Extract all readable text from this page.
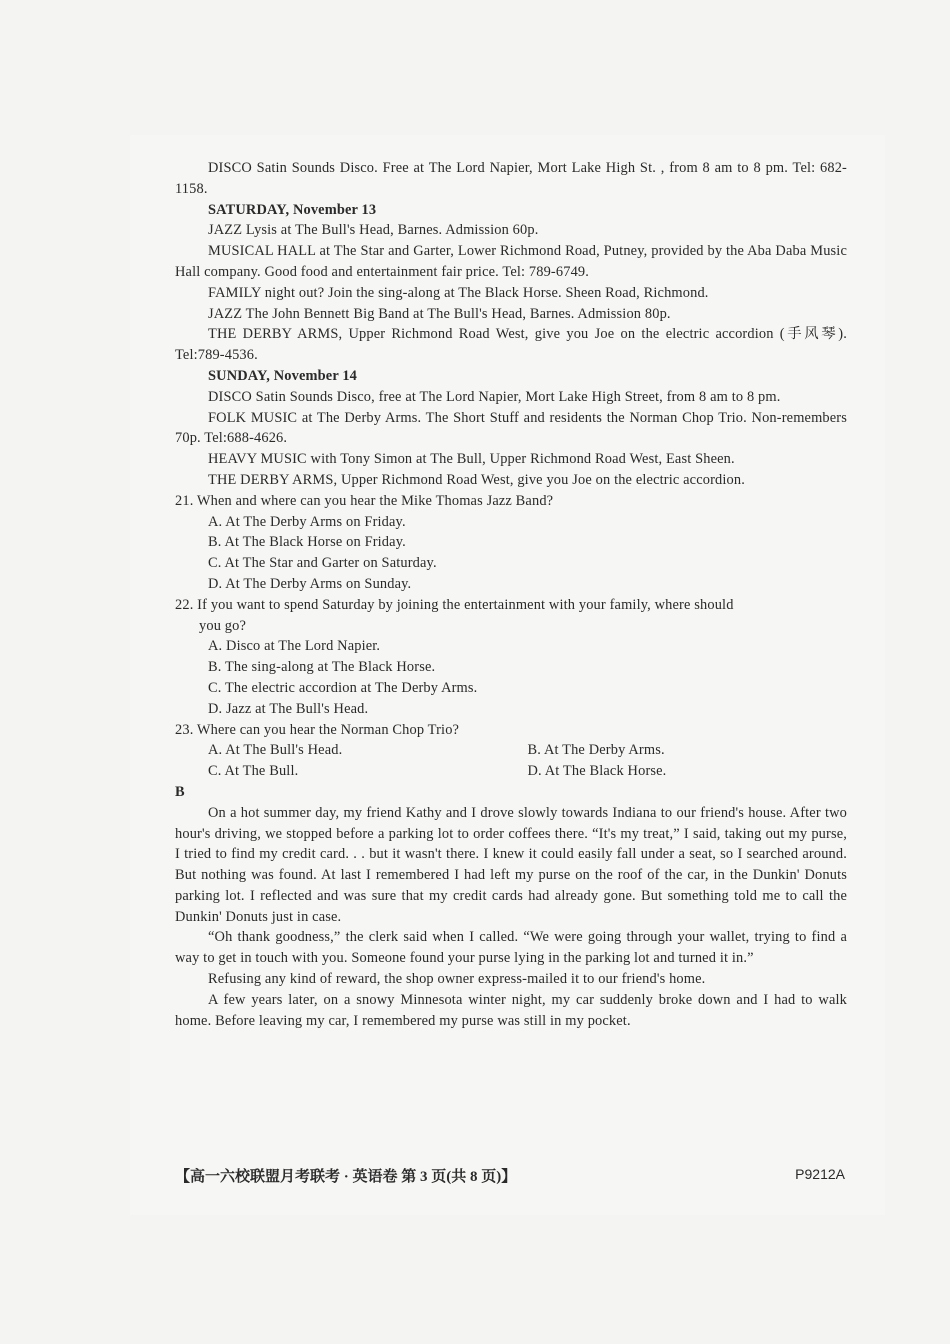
DISCO Satin Sounds Disco. Free at The Lord Napier, Mort Lake High St. , from 8 am to 8 pm. Tel: 682-1158.

SATURDAY, November 13

JAZZ Lysis at The Bull's Head, Barnes. Admission 60p.

MUSICAL HALL at The Star and Garter, Lower Richmond Road, Putney, provided by the Aba Daba Music Hall company. Good food and entertainment fair price. Tel: 789-6749.

FAMILY night out? Join the sing-along at The Black Horse. Sheen Road, Richmond.

JAZZ The John Bennett Big Band at The Bull's Head, Barnes. Admission 80p.

THE DERBY ARMS, Upper Richmond Road West, give you Joe on the electric accordion (手风琴). Tel:789-4536.

SUNDAY, November 14

DISCO Satin Sounds Disco, free at The Lord Napier, Mort Lake High Street, from 8 am to 8 pm.

FOLK MUSIC at The Derby Arms. The Short Stuff and residents the Norman Chop Trio. Non-remembers 70p. Tel:688-4626.

HEAVY MUSIC with Tony Simon at The Bull, Upper Richmond Road West, East Sheen.

THE DERBY ARMS, Upper Richmond Road West, give you Joe on the electric accordion.

21. When and where can you hear the Mike Thomas Jazz Band?

A. At The Derby Arms on Friday.

B. At The Black Horse on Friday.

C. At The Star and Garter on Saturday.

D. At The Derby Arms on Sunday.

22. If you want to spend Saturday by joining the entertainment with your family, where should

you go?

A. Disco at The Lord Napier.

B. The sing-along at The Black Horse.

C. The electric accordion at The Derby Arms.

D. Jazz at The Bull's Head.

23. Where can you hear the Norman Chop Trio?

A. At The Bull's Head.	B. At The Derby Arms.
C. At The Bull.	D. At The Black Horse.

B

On a hot summer day, my friend Kathy and I drove slowly towards Indiana to our friend's house. After two hour's driving, we stopped before a parking lot to order coffees there. “It's my treat,” I said, taking out my purse, I tried to find my credit card. . . but it wasn't there. I knew it could easily fall under a seat, so I searched around. But nothing was found. At last I remembered I had left my purse on the roof of the car, in the Dunkin' Donuts parking lot. I reflected and was sure that my credit cards had already gone. But something told me to call the Dunkin' Donuts just in case.

“Oh thank goodness,” the clerk said when I called. “We were going through your wallet, trying to find a way to get in touch with you. Someone found your purse lying in the parking lot and turned it in.”

Refusing any kind of reward, the shop owner express-mailed it to our friend's home.

A few years later, on a snowy Minnesota winter night, my car suddenly broke down and I had to walk home. Before leaving my car, I remembered my purse was still in my pocket.

【高一六校联盟月考联考 · 英语卷 第 3 页(共 8 页)】	P9212A
